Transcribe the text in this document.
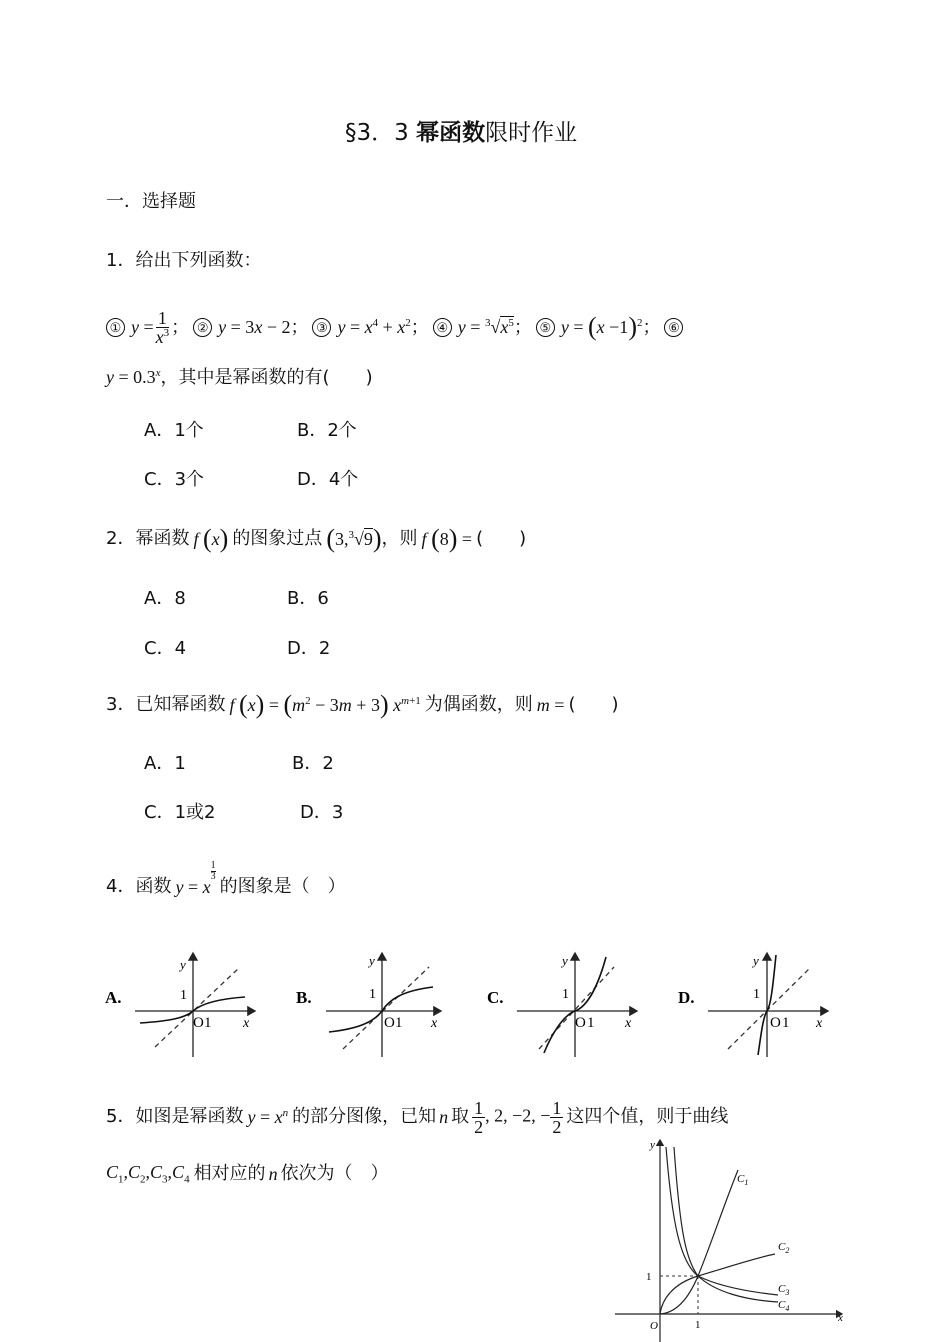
§3．3 幂函数限时作业
一．选择题
1．给出下列函数：
① $y = \frac{1}{x^3}$ ； ② y = 3x − 2 ； ③ $y = x^4 + x^2$ ； ④ $y = ^3√x^5$ ； ⑤ $y = (x -1)^2$ ； ⑥
$y = 0.3^x$，其中是幂函数的有(　　)
A．1个	B．2个
C．3个	D．4个
2．幂函数 f (x) 的图象过点 (3,$^3$√9) ，则 f (8) = (　　)
A．8	B．6
C．4	D．2
3．已知幂函数 f $(x) = (m^2 - 3m + 3)$ $x^{m+1}$ 为偶函数，则 m = (　　)
A．1	B．2
C．1或2	D．3
4．函数 y = x
$\frac{1}{3}$
的图象是（　）
A.
y
1
O 1 x
B.
y
1
O 1 x
C.
y
1
O 1 x
D.
y
1
O 1 x
5．如图是幂函数 $y = x^n$ 的部分图像，已知 n 取 $\frac{1}{2}$ , 2, −2, − $\frac{1}{2}$ 这四个值，则于曲线
$C_1,C_2,C_3,C_4$ 相对应的 n 依次为（　）
y
1
O	1
x
$C_1$
$C_2$
$C_3$
$C_4$
